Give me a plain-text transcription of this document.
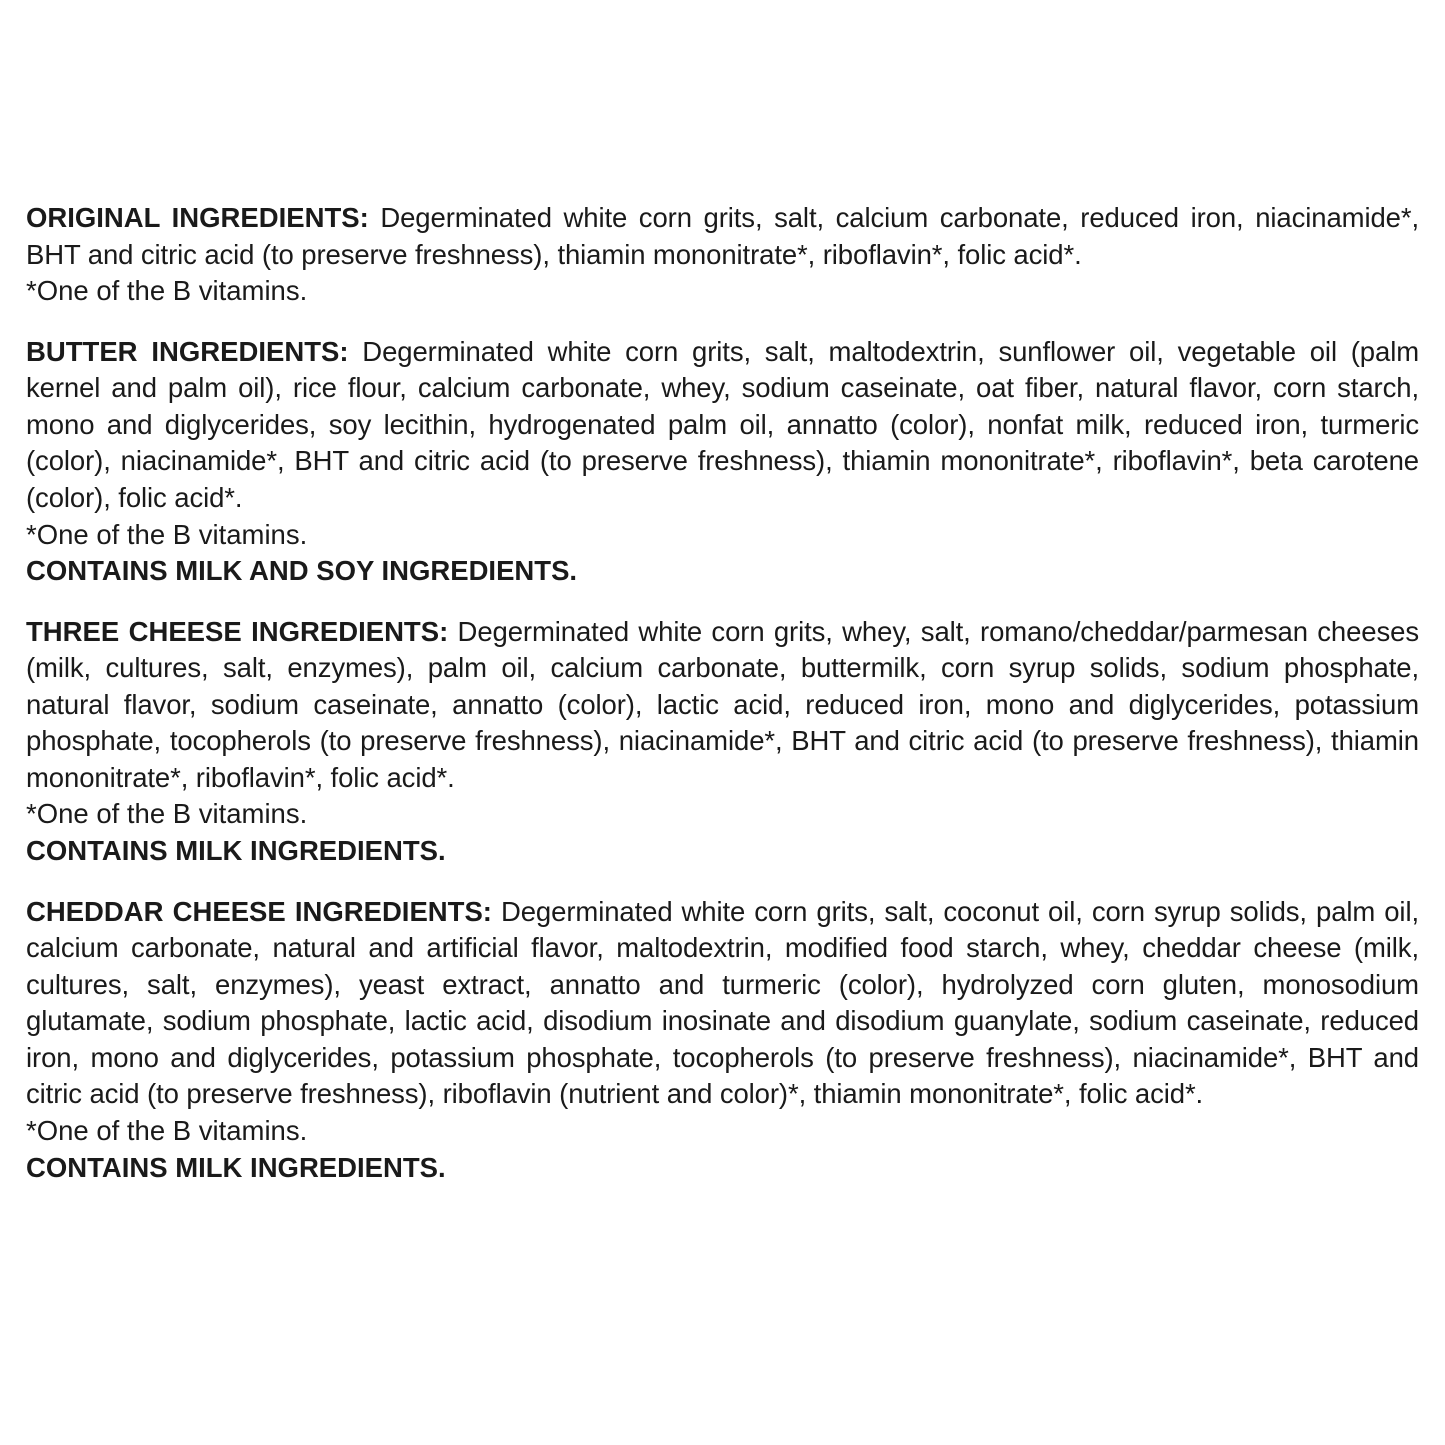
ORIGINAL INGREDIENTS: Degerminated white corn grits, salt, calcium carbonate, reduced iron, niacinamide*, BHT and citric acid (to preserve freshness), thiamin mononitrate*, riboflavin*, folic acid*.

*One of the B vitamins.

BUTTER INGREDIENTS: Degerminated white corn grits, salt, maltodextrin, sunflower oil, vegetable oil (palm kernel and palm oil), rice flour, calcium carbonate, whey, sodium caseinate, oat fiber, natural flavor, corn starch, mono and diglycerides, soy lecithin, hydrogenated palm oil, annatto (color), nonfat milk, reduced iron, turmeric (color), niacinamide*, BHT and citric acid (to preserve freshness), thiamin mononitrate*, riboflavin*, beta carotene (color), folic acid*.

*One of the B vitamins.

CONTAINS MILK AND SOY INGREDIENTS.

THREE CHEESE INGREDIENTS: Degerminated white corn grits, whey, salt, romano/cheddar/parmesan cheeses (milk, cultures, salt, enzymes), palm oil, calcium carbonate, buttermilk, corn syrup solids, sodium phosphate, natural flavor, sodium caseinate, annatto (color), lactic acid, reduced iron, mono and diglycerides, potassium phosphate, tocopherols (to preserve freshness), niacinamide*, BHT and citric acid (to preserve freshness), thiamin mononitrate*, riboflavin*, folic acid*.

*One of the B vitamins.

CONTAINS MILK INGREDIENTS.

CHEDDAR CHEESE INGREDIENTS: Degerminated white corn grits, salt, coconut oil, corn syrup solids, palm oil, calcium carbonate, natural and artificial flavor, maltodextrin, modified food starch, whey, cheddar cheese (milk, cultures, salt, enzymes), yeast extract, annatto and turmeric (color), hydrolyzed corn gluten, monosodium glutamate, sodium phosphate, lactic acid, disodium inosinate and disodium guanylate, sodium caseinate, reduced iron, mono and diglycerides, potassium phosphate, tocopherols (to preserve freshness), niacinamide*, BHT and citric acid (to preserve freshness), riboflavin (nutrient and color)*, thiamin mononitrate*, folic acid*.

*One of the B vitamins.

CONTAINS MILK INGREDIENTS.
